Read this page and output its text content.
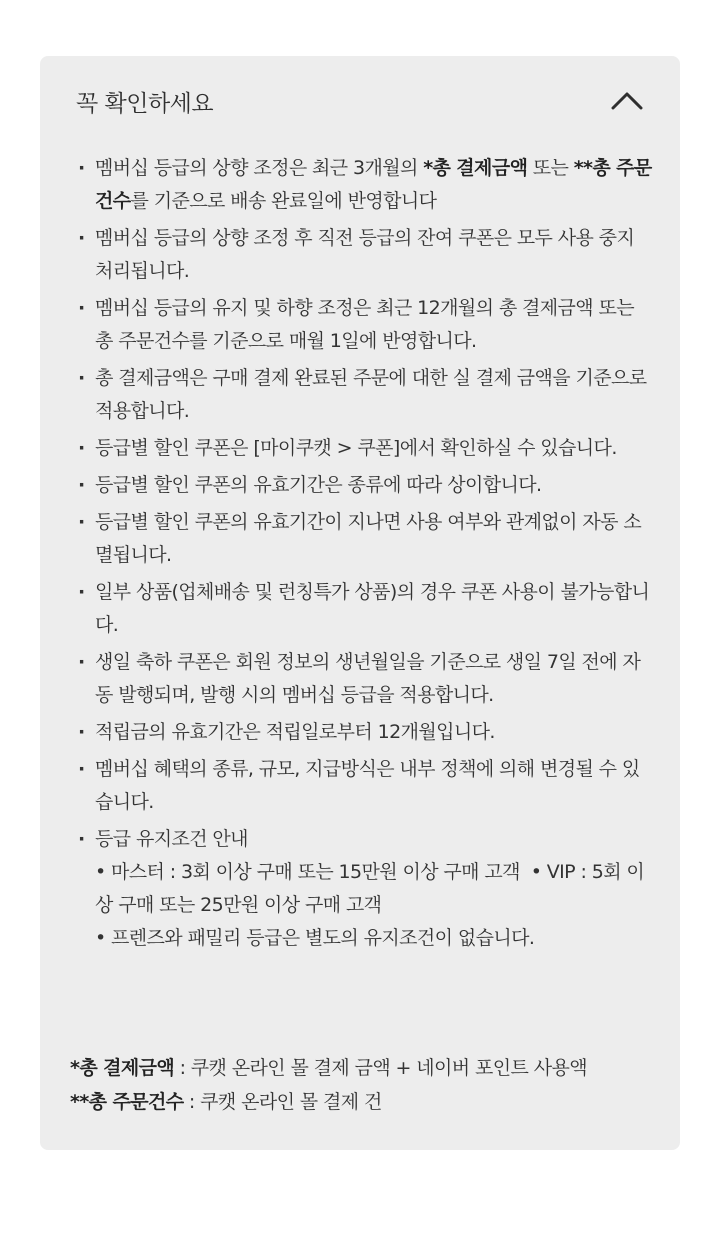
꼭 확인하세요
· 멤버십 등급의 상향 조정은 최근 3개월의 *총 결제금액 또는 **총 주문건수를 기준으로 배송 완료일에 반영합니다
· 멤버십 등급의 상향 조정 후 직전 등급의 잔여 쿠폰은 모두 사용 중지 처리됩니다.
· 멤버십 등급의 유지 및 하향 조정은 최근 12개월의 총 결제금액 또는 총 주문건수를 기준으로 매월 1일에 반영합니다.
· 총 결제금액은 구매 결제 완료된 주문에 대한 실 결제 금액을 기준으로 적용합니다.
· 등급별 할인 쿠폰은 [마이쿠캣 > 쿠폰]에서 확인하실 수 있습니다.
· 등급별 할인 쿠폰의 유효기간은 종류에 따라 상이합니다.
· 등급별 할인 쿠폰의 유효기간이 지나면 사용 여부와 관계없이 자동 소멸됩니다.
· 일부 상품(업체배송 및 런칭특가 상품)의 경우 쿠폰 사용이 불가능합니다.
· 생일 축하 쿠폰은 회원 정보의 생년월일을 기준으로 생일 7일 전에 자동 발행되며, 발행 시의 멤버십 등급을 적용합니다.
· 적립금의 유효기간은 적립일로부터 12개월입니다.
· 멤버십 혜택의 종류, 규모, 지급방식은 내부 정책에 의해 변경될 수 있습니다.
· 등급 유지조건 안내

• 마스터 : 3회 이상 구매 또는 15만원 이상 구매 고객 • VIP : 5회 이상 구매 또는 25만원 이상 구매 고객
• 프렌즈와 패밀리 등급은 별도의 유지조건이 없습니다.
*총 결제금액 : 쿠캣 온라인 몰 결제 금액 + 네이버 포인트 사용액
**총 주문건수 : 쿠캣 온라인 몰 결제 건
